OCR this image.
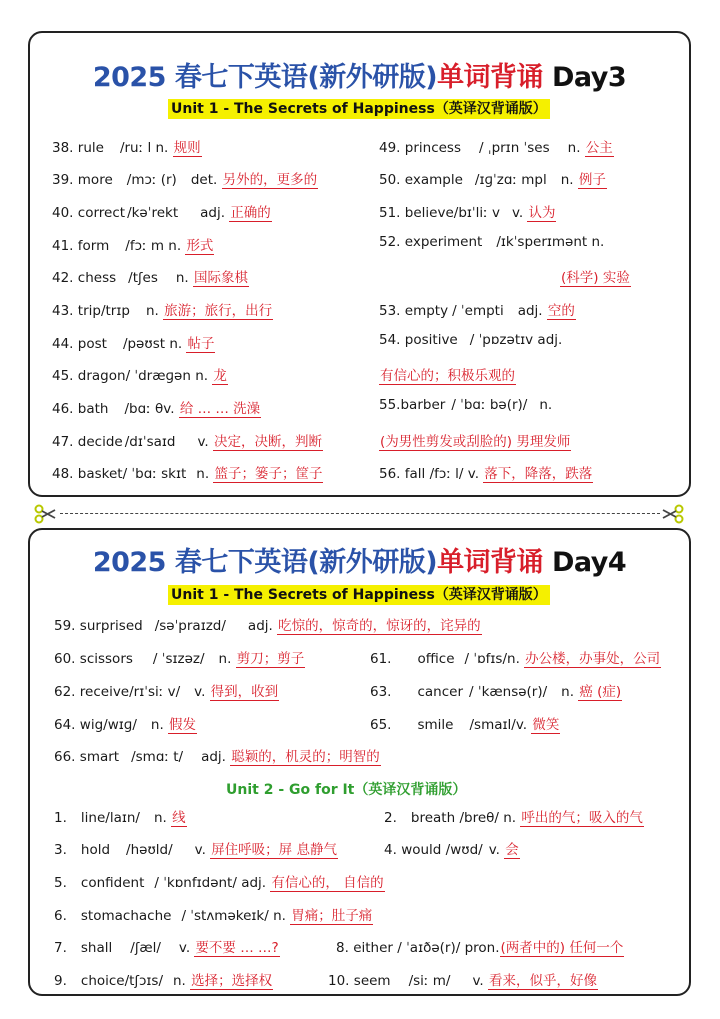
2025 春七下英语(新外研版)单词背诵 Day3
Unit 1 - The Secrets of Happiness（英译汉背诵版）
38. rule /ruː l n. 规则
39. more /mɔː (r) det. 另外的，更多的
40. correct /kəˈrekt adj. 正确的
41. form /fɔː m n. 形式
42. chess /tʃes n. 国际象棋
43. trip/trɪp n. 旅游；旅行，出行
44. post /pəʊst n. 帖子
45. dragon/ ˈdræɡən n. 龙
46. bath /bɑː θv. 给 … … 洗澡
47. decide /dɪˈsaɪd v. 决定，决断，判断
48. basket/ ˈbɑː skɪt n. 篮子；篓子；筐子
49. princess / ˌprɪn ˈses n. 公主
50. example /ɪɡˈzɑː mpl n. 例子
51. believe/bɪˈliː v v. 认为
52. experiment /ɪkˈsperɪmənt n.
(科学) 实验
53. empty / ˈempti adj. 空的
54. positive / ˈpɒzətɪv adj.
有信心的；积极乐观的
55.barber / ˈbɑː bə(r)/ n.
(为男性剪发或刮脸的) 男理发师
56. fall /fɔː l/ v. 落下，降落，跌落
2025 春七下英语(新外研版)单词背诵 Day4
Unit 1 - The Secrets of Happiness（英译汉背诵版）
59. surprised /səˈpraɪzd/ adj. 吃惊的，惊奇的，惊讶的，诧异的
60. scissors / ˈsɪzəz/ n. 剪刀；剪子	61. office / ˈɒfɪs/n. 办公楼，办事处，公司
62. receive/rɪˈsiː v/ v. 得到，收到	63. cancer / ˈkænsə(r)/ n. 癌 (症)
64. wig/wɪɡ/ n. 假发	65. smile /smaɪl/v. 微笑
66. smart /smɑː t/ adj. 聪颖的，机灵的；明智的
Unit 2 - Go for It（英译汉背诵版）
1. line/laɪn/ n. 线	2. breath /breθ/ n. 呼出的气；吸入的气
3. hold /həʊld/ v. 屏住呼吸；屏 息静气	4. would /wʊd/ v. 会
5. confident / ˈkɒnfɪdənt/ adj. 有信心的， 自信的
6. stomachache / ˈstʌməkeɪk/ n. 胃痛；肚子痛
7. shall /ʃæl/ v. 要不要 … …?	8. either / ˈaɪðə(r)/ pron.(两者中的) 任何一个
9. choice/tʃɔɪs/ n. 选择；选择权	10. seem /siː m/ v. 看来，似乎，好像
